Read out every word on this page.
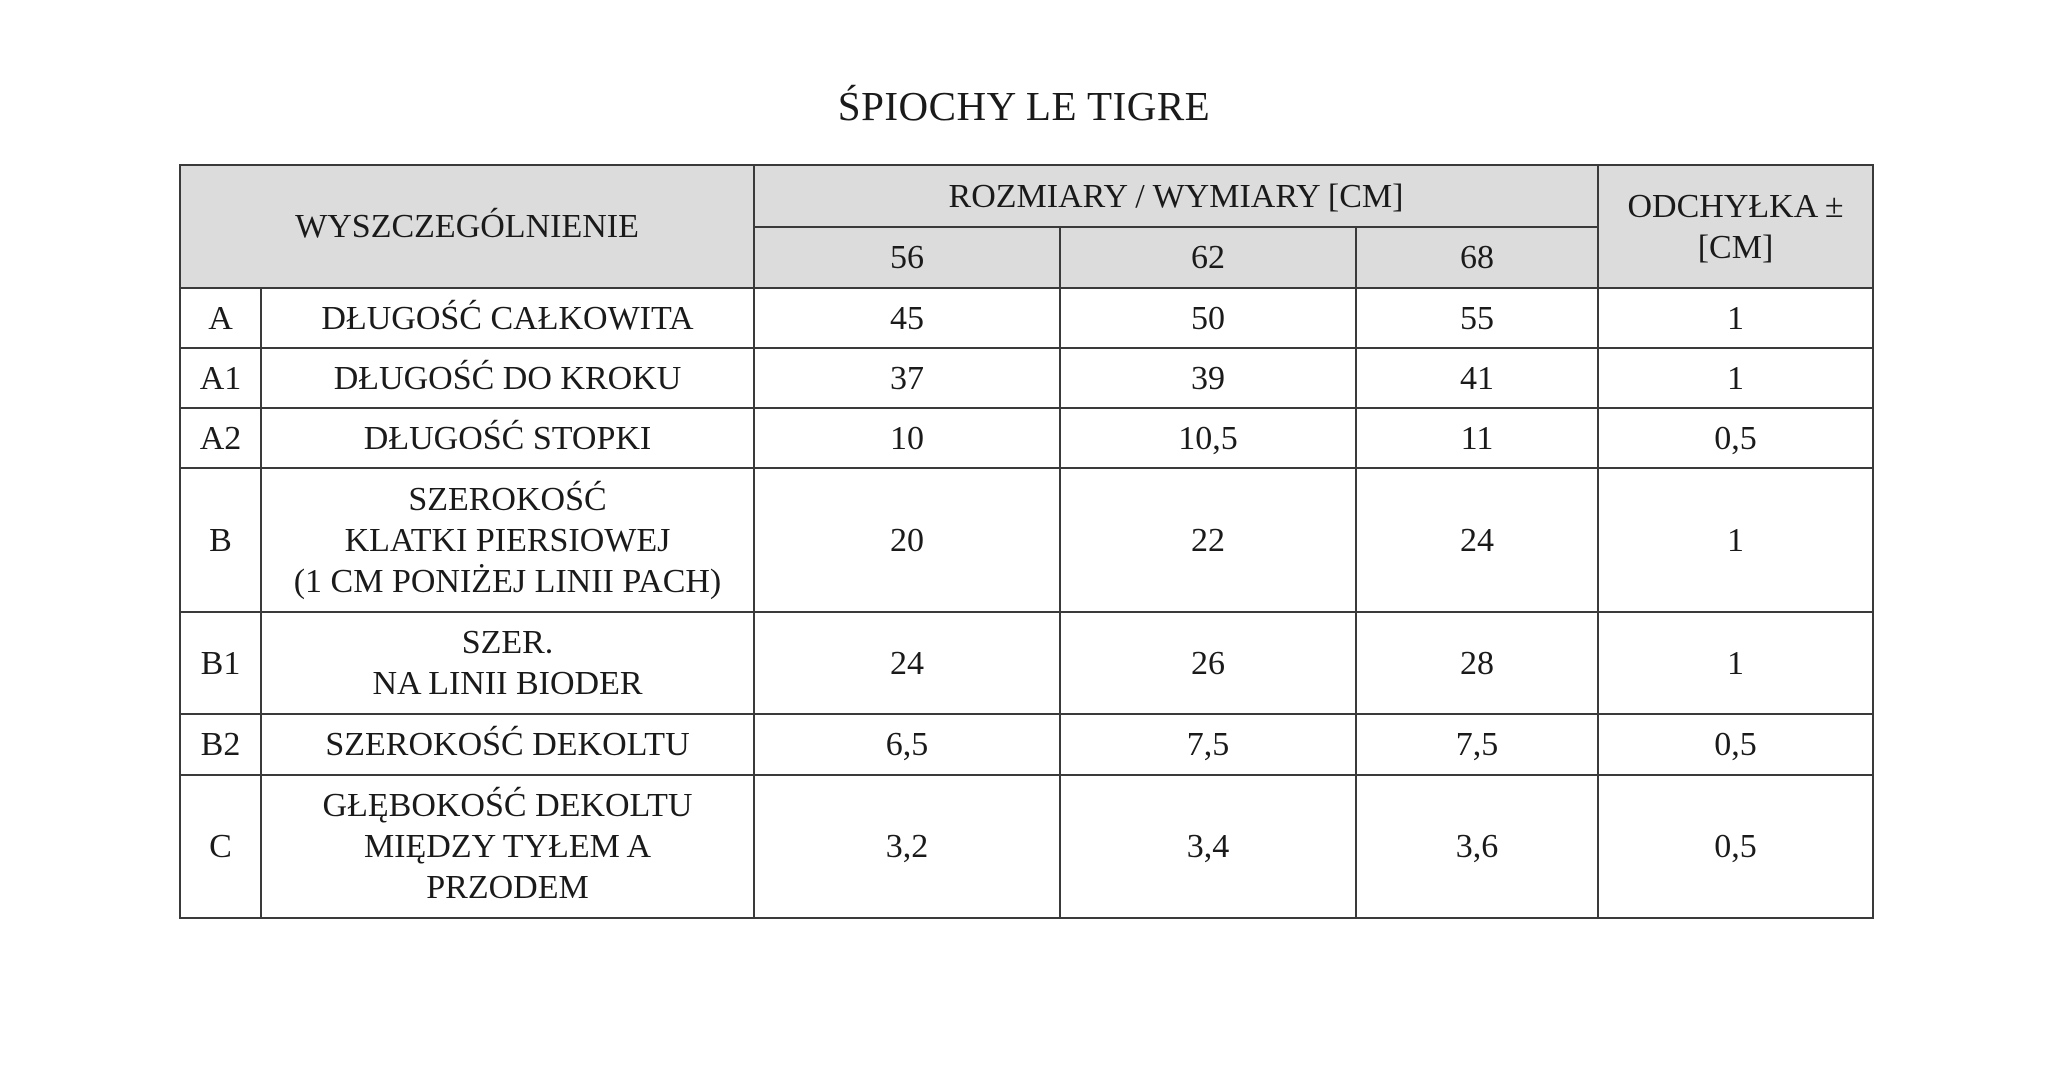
ŚPIOCHY LE TIGRE
WYSZCZEGÓLNIENIE		ROZMIARY / WYMIARY [CM]			ODCHYŁKA ±
[CM]

		56	62	68	
A	DŁUGOŚĆ CAŁKOWITA	45	50	55	1
A1	DŁUGOŚĆ DO KROKU	37	39	41	1
A2	DŁUGOŚĆ STOPKI	10	10,5	11	0,5
B	SZEROKOŚĆ
KLATKI PIERSIOWEJ
(1 CM PONIŻEJ LINII PACH)	20	22	24	1
B1	SZER.
NA LINII BIODER	24	26	28	1
B2	SZEROKOŚĆ DEKOLTU	6,5	7,5	7,5	0,5
C	GŁĘBOKOŚĆ DEKOLTU
MIĘDZY TYŁEM A
PRZODEM	3,2	3,4	3,6	0,5
